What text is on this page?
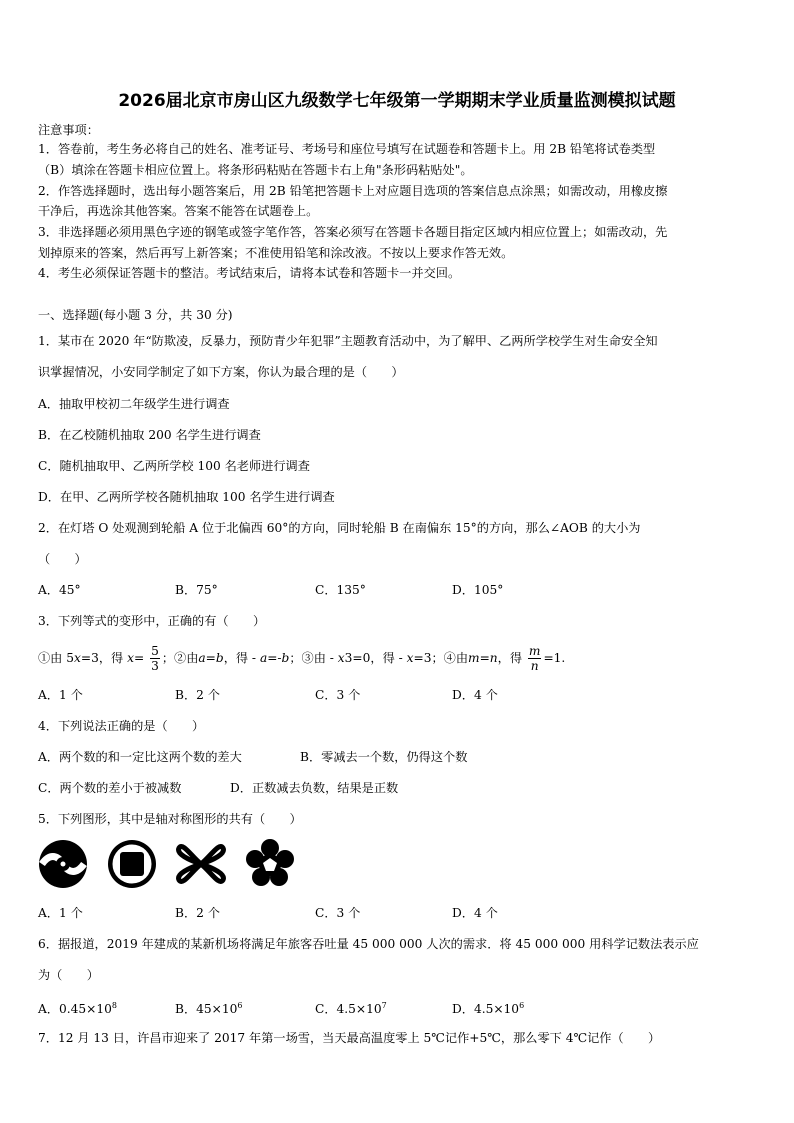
2026届北京市房山区九级数学七年级第一学期期末学业质量监测模拟试题
注意事项：
1．答卷前，考生务必将自己的姓名、准考证号、考场号和座位号填写在试题卷和答题卡上。用 2B 铅笔将试卷类型
（B）填涂在答题卡相应位置上。将条形码粘贴在答题卡右上角"条形码粘贴处"。
2．作答选择题时，选出每小题答案后，用 2B 铅笔把答题卡上对应题目选项的答案信息点涂黑；如需改动，用橡皮擦
干净后，再选涂其他答案。答案不能答在试题卷上。
3．非选择题必须用黑色字迹的钢笔或签字笔作答，答案必须写在答题卡各题目指定区域内相应位置上；如需改动，先
划掉原来的答案，然后再写上新答案；不准使用铅笔和涂改液。不按以上要求作答无效。
4．考生必须保证答题卡的整洁。考试结束后，请将本试卷和答题卡一并交回。
一、选择题(每小题 3 分，共 30 分)
1．某市在 2020 年“防欺凌，反暴力，预防青少年犯罪”主题教育活动中，为了解甲、乙两所学校学生对生命安全知
识掌握情况，小安同学制定了如下方案，你认为最合理的是（　　）
A．抽取甲校初二年级学生进行调查
B．在乙校随机抽取 200 名学生进行调查
C．随机抽取甲、乙两所学校 100 名老师进行调查
D．在甲、乙两所学校各随机抽取 100 名学生进行调查
2．在灯塔 O 处观测到轮船 A 位于北偏西 60°的方向，同时轮船 B 在南偏东 15°的方向，那么∠AOB 的大小为
（　　）
A．45°	B．75°	C．135°	D．105°
3．下列等式的变形中，正确的有（　　）
①由 5x=3，得 $x= \frac{5}{3}$ ；②由a=b，得 - a=-b；③由 - x3=0，得 - x=3；④由m=n，得 $\frac{m}{n} =1$.
A．1 个	B．2 个	C．3 个	D．4 个
4．下列说法正确的是（　　）
A．两个数的和一定比这两个数的差大	B．零减去一个数，仍得这个数
C．两个数的差小于被减数	D．正数减去负数，结果是正数
5．下列图形，其中是轴对称图形的共有（　　）
A．1 个	B．2 个	C．3 个	D．4 个
6．据报道，2019 年建成的某新机场将满足年旅客吞吐量 45 000 000 人次的需求．将 45 000 000 用科学记数法表示应
为（　　）
A．$0.45\times 10^8$	B．$45\times 10^6$	C．$4.5\times 10^7$	D．$4.5\times 10^6$
7．12 月 13 日，许昌市迎来了 2017 年第一场雪，当天最高温度零上 5℃记作+5℃，那么零下 4℃记作（　　）
